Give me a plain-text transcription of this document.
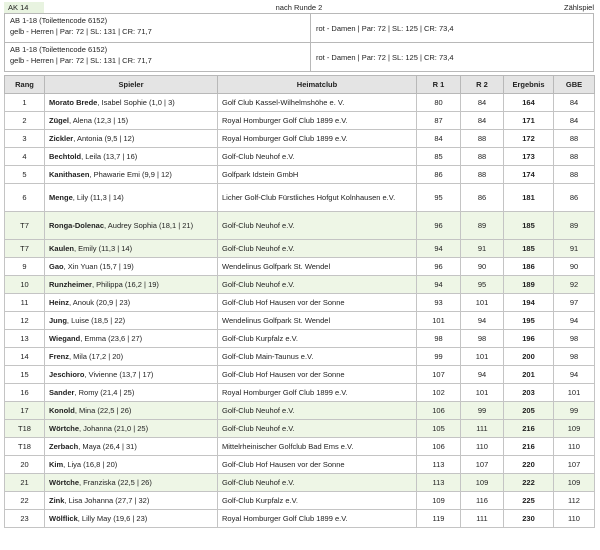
AK 14	nach Runde 2	Zählspiel
AB 1-18 (Toilettencode 6152)
gelb - Herren | Par: 72 | SL: 131 | CR: 71,7	rot - Damen | Par: 72 | SL: 125 | CR: 73,4

AB 1-18 (Toilettencode 6152)
gelb - Herren | Par: 72 | SL: 131 | CR: 71,7	rot - Damen | Par: 72 | SL: 125 | CR: 73,4
Rang	Spieler	Heimatclub	R 1	R 2	Ergebnis	GBE
1	Morato Brede, Isabel Sophie (1,0 | 3)	Golf Club Kassel-Wilhelmshöhe e. V.	80	84	164	84
2	Zügel, Alena (12,3 | 15)	Royal Homburger Golf Club 1899 e.V.	87	84	171	84
3	Zickler, Antonia (9,5 | 12)	Royal Homburger Golf Club 1899 e.V.	84	88	172	88
4	Bechtold, Leila (13,7 | 16)	Golf-Club Neuhof e.V.	85	88	173	88
5	Kanithasen, Phawarie Emi (9,9 | 12)	Golfpark Idstein GmbH	86	88	174	88
6	Menge, Lily (11,3 | 14)	Licher Golf-Club Fürstliches Hofgut Kolnhausen e.V.	95	86	181	86
T7	Ronga-Dolenac, Audrey Sophia (18,1 | 21)	Golf-Club Neuhof e.V.	96	89	185	89
T7	Kaulen, Emily (11,3 | 14)	Golf-Club Neuhof e.V.	94	91	185	91
9	Gao, Xin Yuan (15,7 | 19)	Wendelinus Golfpark St. Wendel	96	90	186	90
10	Runzheimer, Philippa (16,2 | 19)	Golf-Club Neuhof e.V.	94	95	189	92
11	Heinz, Anouk (20,9 | 23)	Golf-Club Hof Hausen vor der Sonne	93	101	194	97
12	Jung, Luise (18,5 | 22)	Wendelinus Golfpark St. Wendel	101	94	195	94
13	Wiegand, Emma (23,6 | 27)	Golf-Club Kurpfalz e.V.	98	98	196	98
14	Frenz, Mila (17,2 | 20)	Golf-Club Main-Taunus e.V.	99	101	200	98
15	Jeschiorо, Vivienne (13,7 | 17)	Golf-Club Hof Hausen vor der Sonne	107	94	201	94
16	Sander, Romy (21,4 | 25)	Royal Homburger Golf Club 1899 e.V.	102	101	203	101
17	Konold, Mina (22,5 | 26)	Golf-Club Neuhof e.V.	106	99	205	99
T18	Wörtche, Johanna (21,0 | 25)	Golf-Club Neuhof e.V.	105	111	216	109
T18	Zerbach, Maya (26,4 | 31)	Mittelrheinischer Golfclub Bad Ems e.V.	106	110	216	110
20	Kim, Liya (16,8 | 20)	Golf-Club Hof Hausen vor der Sonne	113	107	220	107
21	Wörtche, Franziska (22,5 | 26)	Golf-Club Neuhof e.V.	113	109	222	109
22	Zink, Lisa Johanna (27,7 | 32)	Golf-Club Kurpfalz e.V.	109	116	225	112
23	Wölflick, Lilly May (19,6 | 23)	Royal Homburger Golf Club 1899 e.V.	119	111	230	110
